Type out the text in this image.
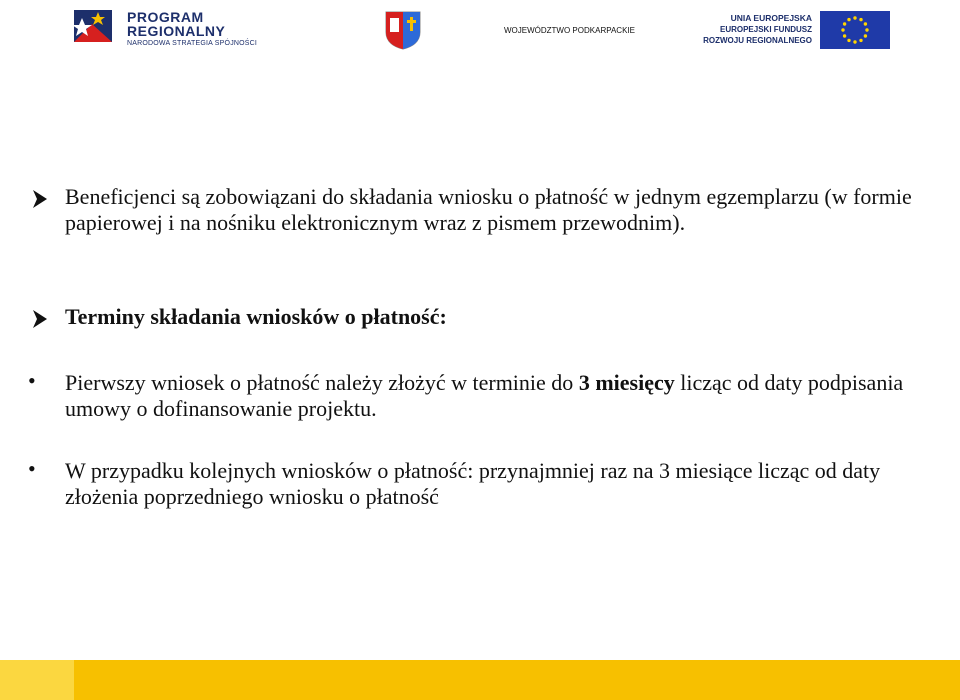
PROGRAM
REGIONALNY
NARODOWA STRATEGIA SPÓJNOŚCI
WOJEWÓDZTWO PODKARPACKIE
UNIA EUROPEJSKA
EUROPEJSKI FUNDUSZ
ROZWOJU REGIONALNEGO
Beneficjenci są zobowiązani do składania wniosku o płatność w jednym egzemplarzu (w formie papierowej i na nośniku elektronicznym wraz z pismem przewodnim).
Terminy składania wniosków o płatność:
•	Pierwszy wniosek o płatność należy złożyć w terminie do 3 miesięcy licząc od daty podpisania umowy o dofinansowanie projektu.
•	W przypadku kolejnych wniosków o płatność: przynajmniej raz na 3 miesiące licząc od daty złożenia poprzedniego wniosku o płatność
